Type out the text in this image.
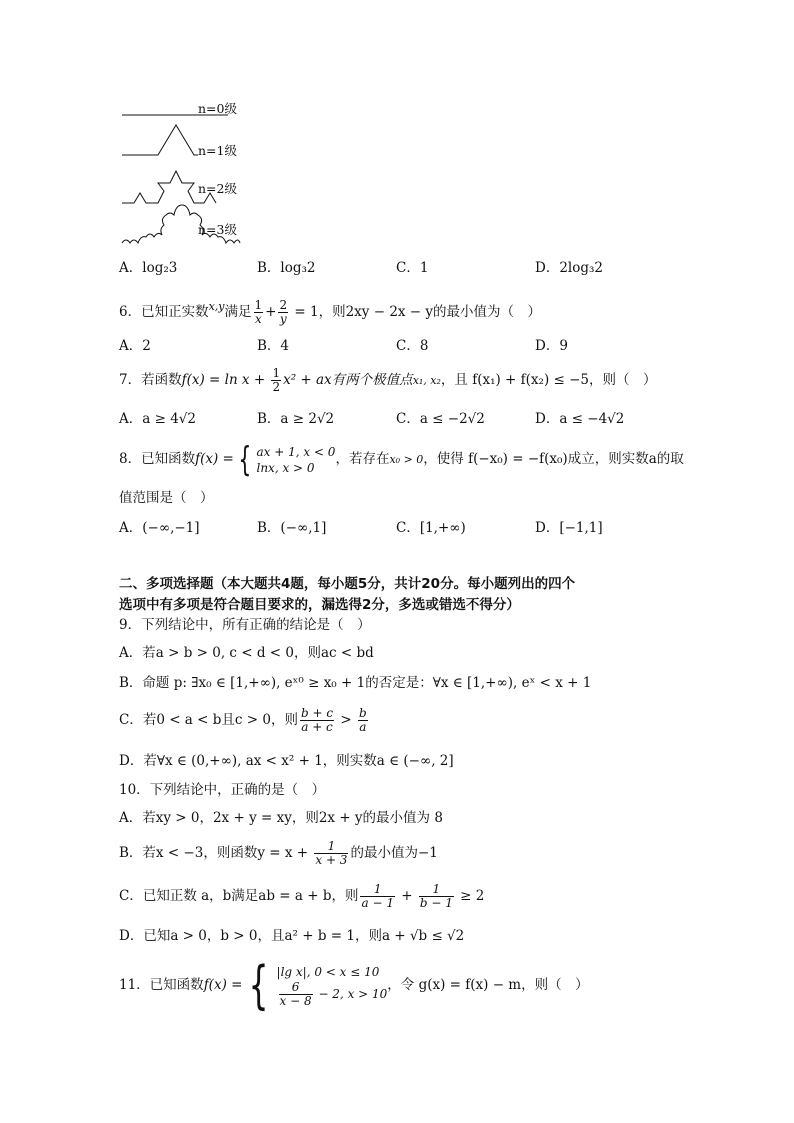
n=0级
n=1级
n=2级
n=3级
A．log₂3	B．log₃2	C．1	D．2log₃2
6．已知正实数$^{x,y}$满足 $\frac{1}{x} + \frac{2}{y} = 1$，则2xy − 2x − y的最小值为（　）
A．2	B．4	C．8	D．9
7．若函数$f(x) = \ln x + \frac{1}{2} x^2$ + ax有两个极值点x₁, x₂，且 f(x₁) + f(x₂) ≤ −5，则（　）
A．a ≥ 4√2	B．a ≥ 2√2	C．a ≤ −2√2	D．a ≤ −4√2
8．已知函数f(x) = { ax + 1, x < 0
lnx, x > 0
，若存在x₀ > 0，使得 f(−x₀) = −f(x₀)成立，则实数a的取
值范围是（　）
A．(−∞,−1]	B．(−∞,1]	C．[1,+∞)	D．[−1,1]
二、多项选择题（本大题共4题，每小题5分，共计20分。每小题列出的四个
选项中有多项是符合题目要求的，漏选得2分，多选或错选不得分）
9．下列结论中，所有正确的结论是（　）
A．若a > b > 0, c < d < 0，则ac < bd
B．命题 p: ∃x₀ ∈ [1,+∞), eˣ⁰ ≥ x₀ + 1的否定是：∀x ∈ [1,+∞), eˣ < x + 1
C．若0 < a < b且c > 0，则 $\frac{b + c}{a + c} > \frac{b}{a}$
D．若∀x ∈ (0,+∞), ax < x² + 1，则实数a ∈ (−∞, 2]
10．下列结论中，正确的是（　）
A．若xy > 0，2x + y = xy，则2x + y的最小值为 8
B．若x < −3，则函数$y = x + \frac{1}{x + 3}$ 的最小值为−1
C．已知正数 a，b满足ab = a + b，则 $\frac{1}{a - 1} + \frac{1}{b - 1} \ge 2$
D．已知a > 0，b > 0，且a² + b = 1，则a + √b ≤ √2
11．已知函数f(x) = { |lg x|, 0 < x ≤ 10
$\frac{6}{x - 8} - 2$, x > 10
，令 g(x) = f(x) − m，则（　）
